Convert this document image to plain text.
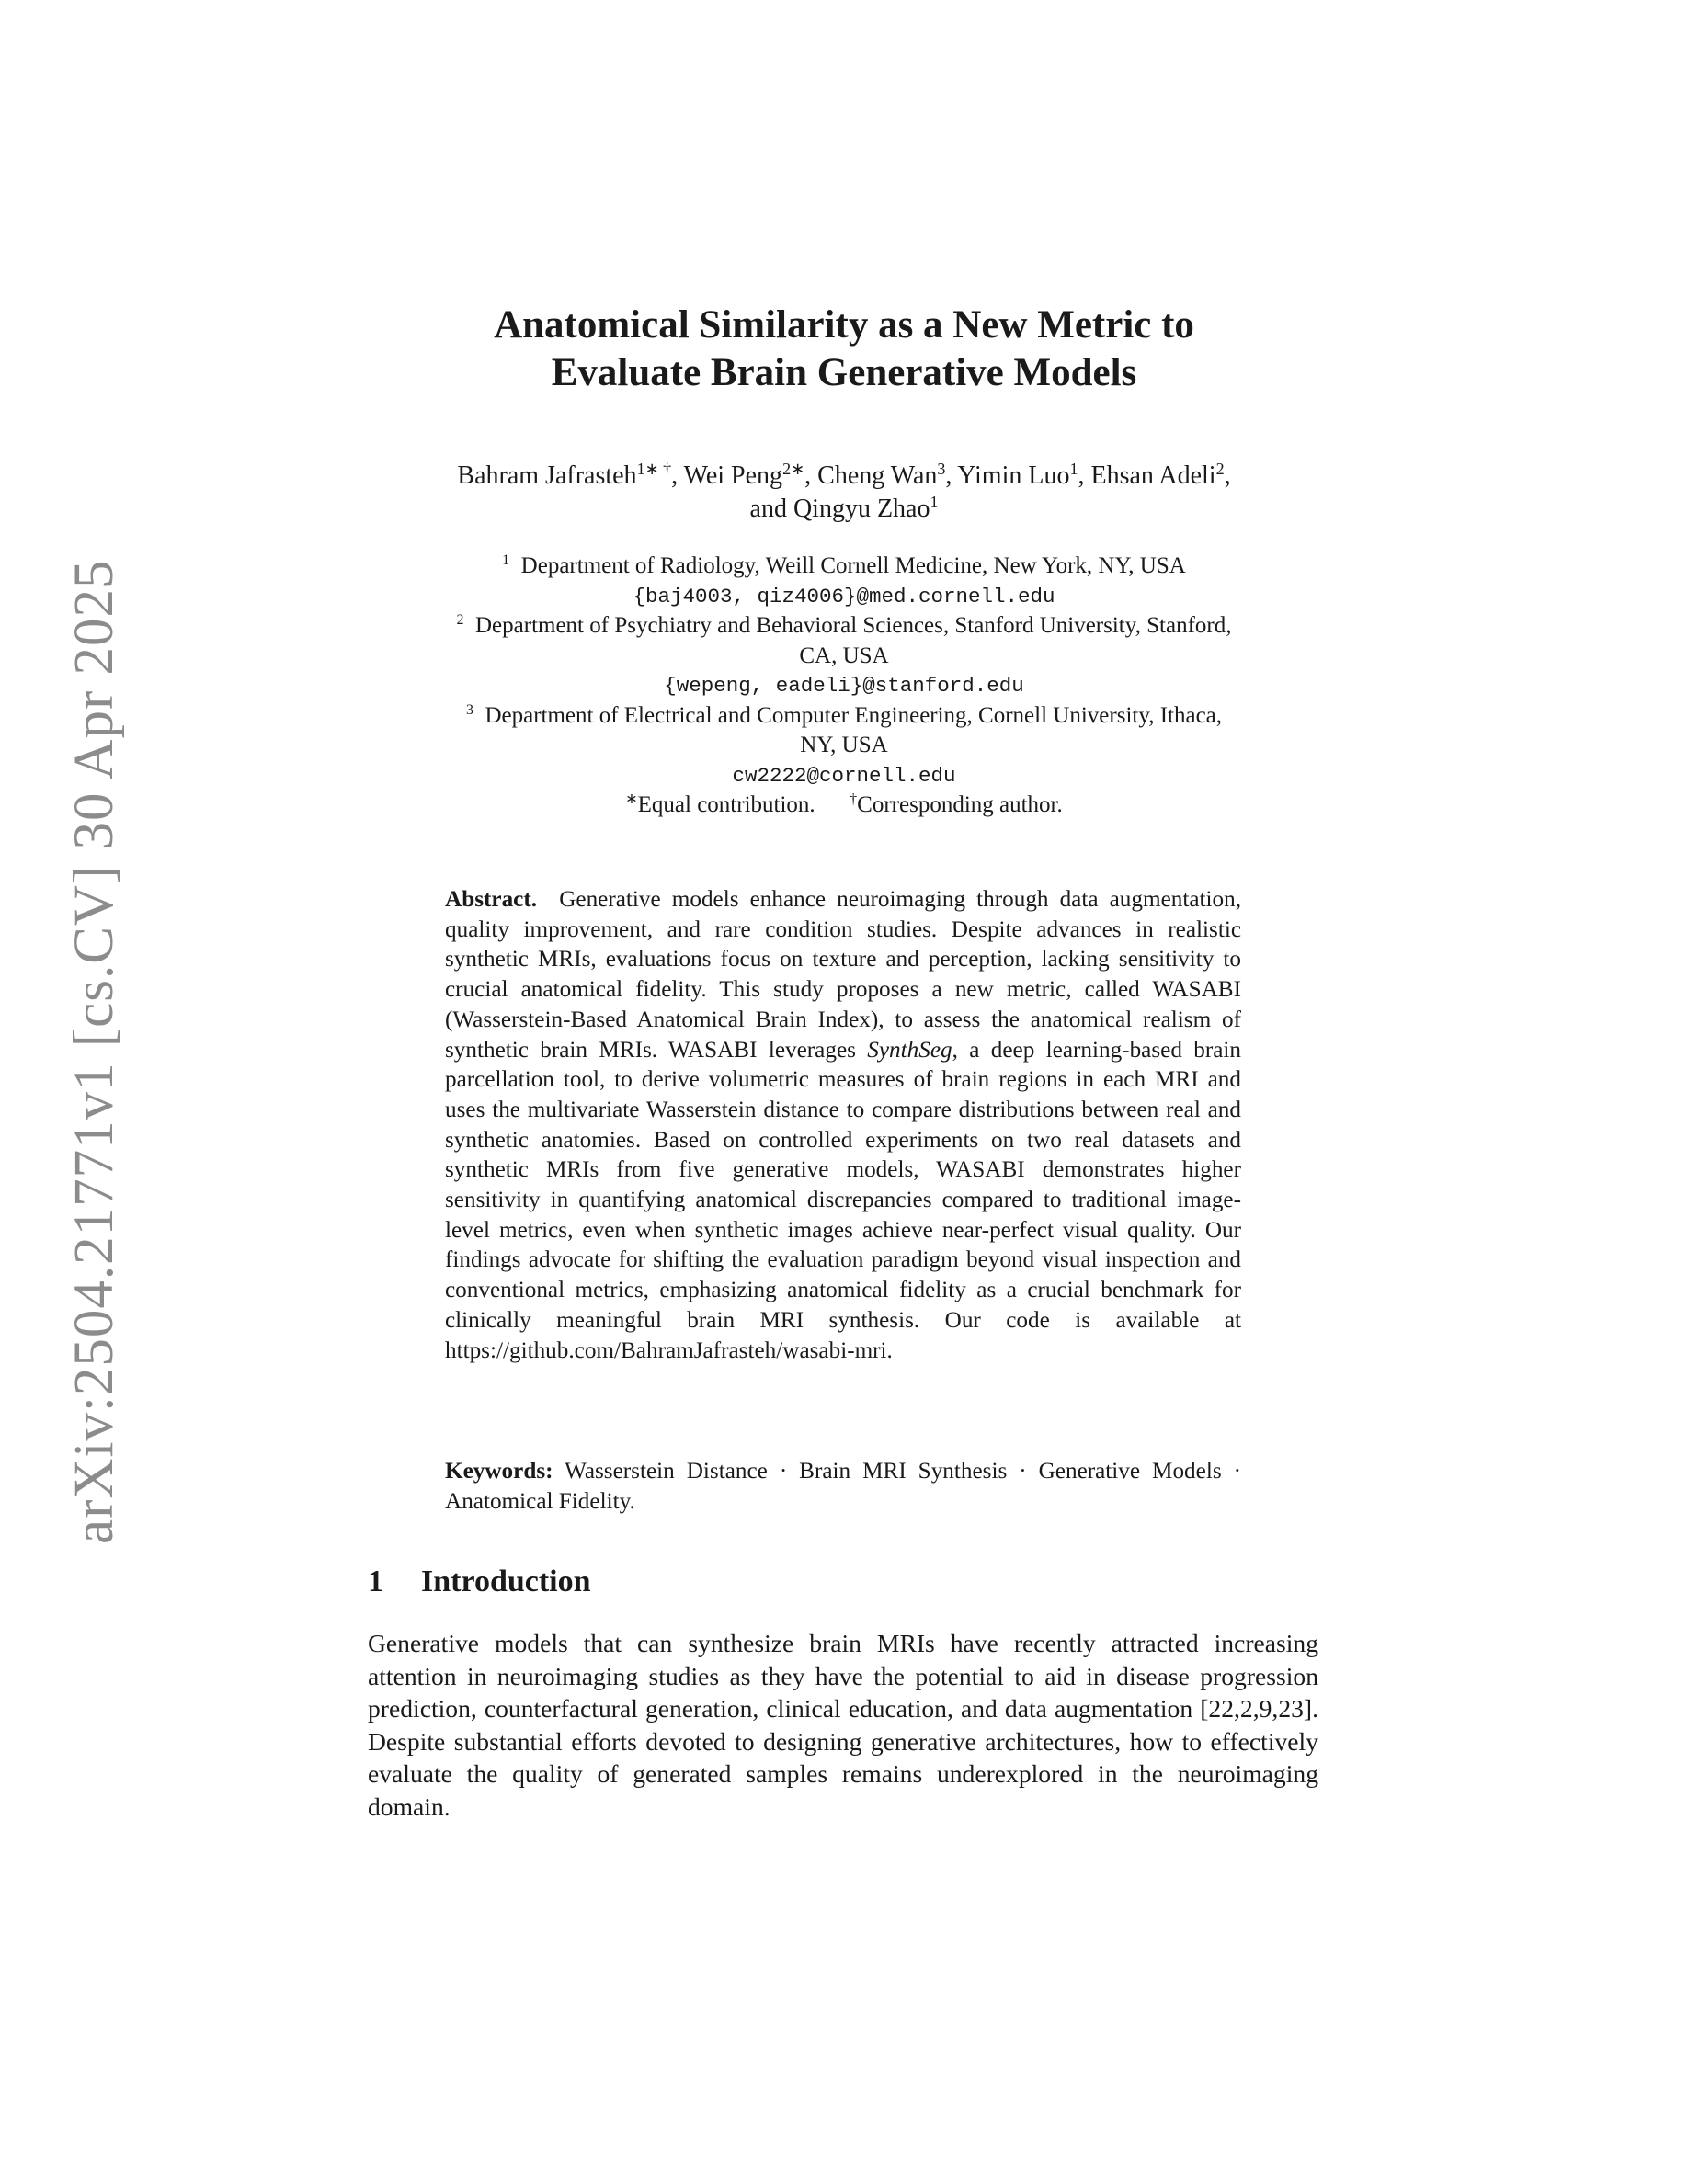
arXiv:2504.21771v1 [cs.CV] 30 Apr 2025
Anatomical Similarity as a New Metric to
Evaluate Brain Generative Models
Bahram Jafrasteh$^{1∗ \dagger}$, Wei Peng$^{2∗}$, Cheng Wan$^3$, Yimin Luo$^1$, Ehsan Adeli$^2$,
and Qingyu Zhao$^1$
$^1$ Department of Radiology, Weill Cornell Medicine, New York, NY, USA
{baj4003, qiz4006}@med.cornell.edu
$^2$ Department of Psychiatry and Behavioral Sciences, Stanford University, Stanford,
CA, USA
{wepeng, eadeli}@stanford.edu
$^3$ Department of Electrical and Computer Engineering, Cornell University, Ithaca,
NY, USA
cw2222@cornell.edu
∗Equal contribution. †Corresponding author.
Abstract. Generative models enhance neuroimaging through data augmentation, quality improvement, and rare condition studies. Despite advances in realistic synthetic MRIs, evaluations focus on texture and perception, lacking sensitivity to crucial anatomical fidelity. This study proposes a new metric, called WASABI (Wasserstein-Based Anatomical Brain Index), to assess the anatomical realism of synthetic brain MRIs. WASABI leverages SynthSeg, a deep learning-based brain parcellation tool, to derive volumetric measures of brain regions in each MRI and uses the multivariate Wasserstein distance to compare distributions between real and synthetic anatomies. Based on controlled experiments on two real datasets and synthetic MRIs from five generative models, WASABI demonstrates higher sensitivity in quantifying anatomical discrepancies compared to traditional image-level metrics, even when synthetic images achieve near-perfect visual quality. Our findings advocate for shifting the evaluation paradigm beyond visual inspection and conventional metrics, emphasizing anatomical fidelity as a crucial benchmark for clinically meaningful brain MRI synthesis. Our code is available at https://github.com/BahramJafrasteh/wasabi-mri.
Keywords: Wasserstein Distance · Brain MRI Synthesis · Generative Models · Anatomical Fidelity.
1 Introduction
Generative models that can synthesize brain MRIs have recently attracted increasing attention in neuroimaging studies as they have the potential to aid in disease progression prediction, counterfactural generation, clinical education, and data augmentation [22,2,9,23]. Despite substantial efforts devoted to designing generative architectures, how to effectively evaluate the quality of generated samples remains underexplored in the neuroimaging domain.
